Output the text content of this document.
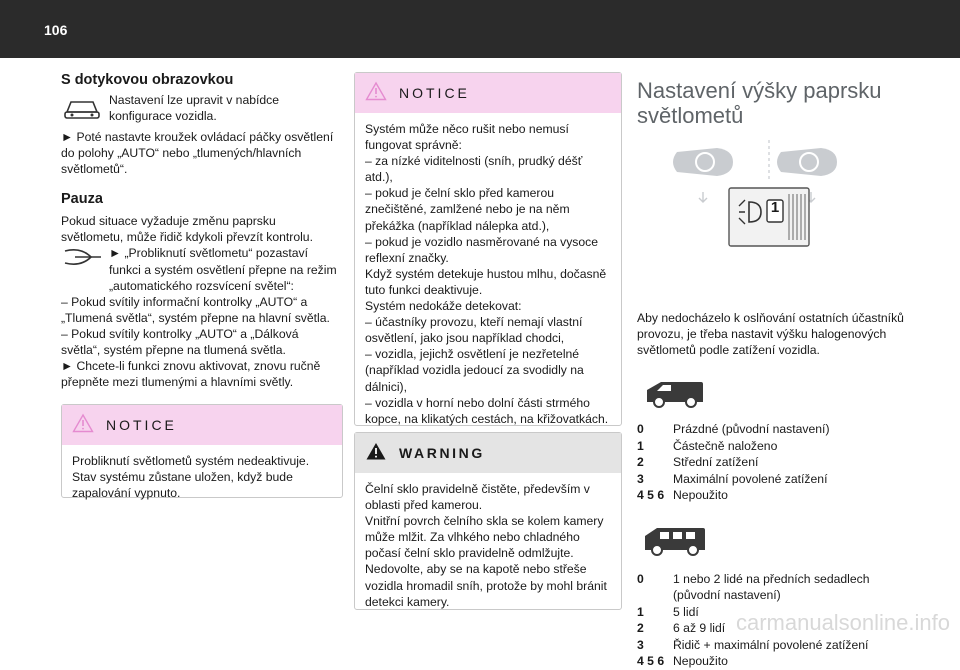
106
S dotykovou obrazovkou

Nastavení lze upravit v nabídce konfigurace vozidla.

► Poté nastavte kroužek ovládací páčky osvětlení do polohy „AUTO“ nebo „tlumených/hlavních světlometů“.

Pauza

Pokud situace vyžaduje změnu paprsku světlometu, může řidič kdykoli převzít kontrolu.

► „Probliknutí světlometu“ pozastaví funkci a systém osvětlení přepne na režim „automatického rozsvícení světel“:

– Pokud svítily informační kontrolky „AUTO“ a „Tlumená světla“, systém přepne na hlavní světla.

– Pokud svítily kontrolky „AUTO“ a „Dálková světla“, systém přepne na tlumená světla.

► Chcete-li funkci znovu aktivovat, znovu ručně přepněte mezi tlumenými a hlavními světly.

NOTICE

Probliknutí světlometů systém nedeaktivuje. Stav systému zůstane uložen, když bude zapalování vypnuto.

NOTICE

Systém může něco rušit nebo nemusí fungovat správně:

– za nízké viditelnosti (sníh, prudký déšť atd.),

– pokud je čelní sklo před kamerou znečištěné, zamlžené nebo je na něm překážka (například nálepka atd.),

– pokud je vozidlo nasměrované na vysoce reflexní značky.

Když systém detekuje hustou mlhu, dočasně tuto funkci deaktivuje.

Systém nedokáže detekovat:

– účastníky provozu, kteří nemají vlastní osvětlení, jako jsou například chodci,

– vozidla, jejichž osvětlení je nezřetelné (například vozidla jedoucí za svodidly na dálnici),

– vozidla v horní nebo dolní části strmého kopce, na klikatých cestách, na křižovatkách.

WARNING

Čelní sklo pravidelně čistěte, především v oblasti před kamerou.

Vnitřní povrch čelního skla se kolem kamery může mlžit. Za vlhkého nebo chladného počasí čelní sklo pravidelně odmlžujte.

Nedovolte, aby se na kapotě nebo střeše vozidla hromadil sníh, protože by mohl bránit detekci kamery.

Nastavení výšky paprsku světlometů
1

Aby nedocházelo k oslňování ostatních účastníků provozu, je třeba nastavit výšku halogenových světlometů podle zatížení vozidla.

0	Prázdné (původní nastavení)
1	Částečně naloženo
2	Střední zatížení
3	Maximální povolené zatížení
4 5 6 Nepoužito
0	1 nebo 2 lidé na předních sedadlech (původní nastavení)
1	5 lidí
2	6 až 9 lidí
3	Řidič + maximální povolené zatížení
4 5 6 Nepoužito
carmanualsonline.info
